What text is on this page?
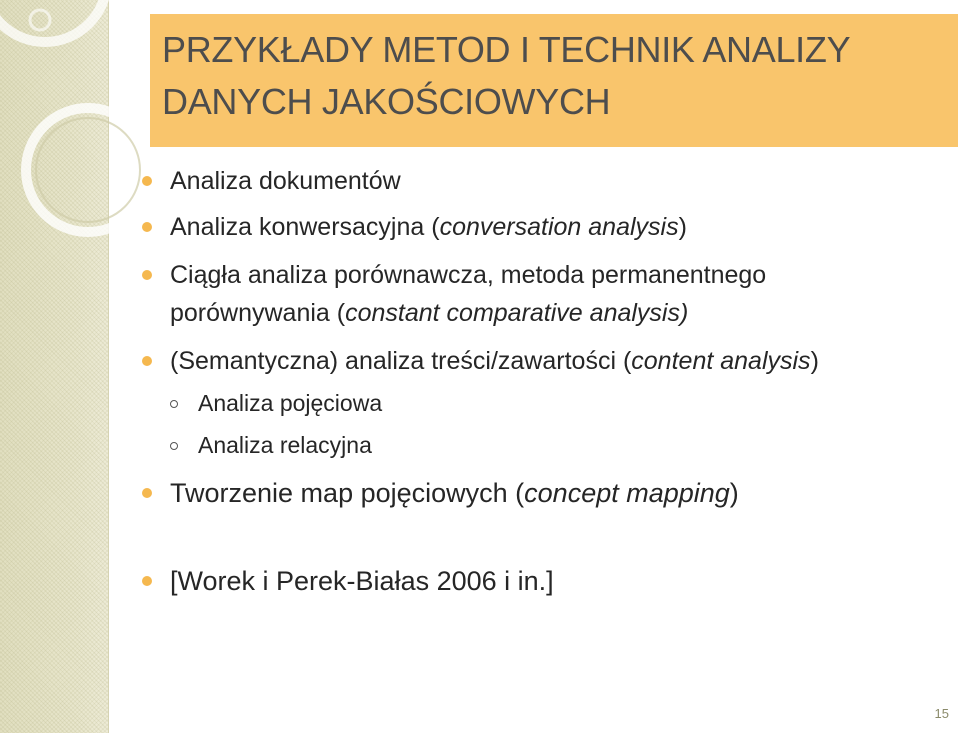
PRZYKŁADY METOD I TECHNIK ANALIZY DANYCH JAKOŚCIOWYCH
Analiza dokumentów
Analiza konwersacyjna (conversation analysis)
Ciągła analiza porównawcza, metoda permanentnego porównywania (constant comparative analysis)
(Semantyczna) analiza treści/zawartości (content analysis)
Analiza pojęciowa
Analiza relacyjna
Tworzenie map pojęciowych (concept mapping)
[Worek i Perek-Białas 2006 i in.]
15
